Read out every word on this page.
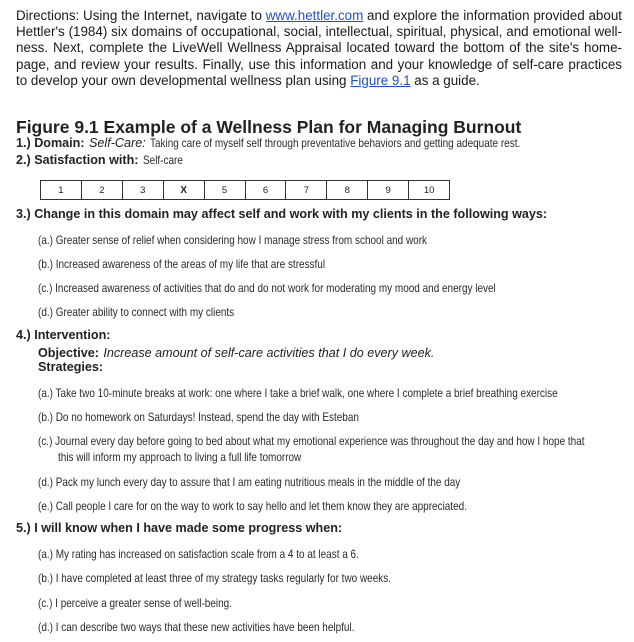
Directions: Using the Internet, navigate to www.hettler.com and explore the information provided about Hettler's (1984) six domains of occupational, social, intellectual, spiritual, physical, and emotional well- ness. Next, complete the LiveWell Wellness Appraisal located toward the bottom of the site's home- page, and review your results. Finally, use this information and your knowledge of self-care practices to develop your own developmental wellness plan using Figure 9.1 as a guide.
Figure 9.1 Example of a Wellness Plan for Managing Burnout
1.) Domain: Self-Care: Taking care of myself self through preventative behaviors and getting adequate rest.
2.) Satisfaction with: Self-care
1	2	3	X	5	6	7	8	9	10
3.) Change in this domain may affect self and work with my clients in the following ways:
(a.) Greater sense of relief when considering how I manage stress from school and work
(b.) Increased awareness of the areas of my life that are stressful
(c.) Increased awareness of activities that do and do not work for moderating my mood and energy level
(d.) Greater ability to connect with my clients
4.) Intervention:
Objective: Increase amount of self-care activities that I do every week.
Strategies:
(a.) Take two 10-minute breaks at work: one where I take a brief walk, one where I complete a brief breathing exercise
(b.) Do no homework on Saturdays! Instead, spend the day with Esteban
(c.) Journal every day before going to bed about what my emotional experience was throughout the day and how I hope that
this will inform my approach to living a full life tomorrow
(d.) Pack my lunch every day to assure that I am eating nutritious meals in the middle of the day
(e.) Call people I care for on the way to work to say hello and let them know they are appreciated.
5.) I will know when I have made some progress when:
(a.) My rating has increased on satisfaction scale from a 4 to at least a 6.
(b.) I have completed at least three of my strategy tasks regularly for two weeks.
(c.) I perceive a greater sense of well-being.
(d.) I can describe two ways that these new activities have been helpful.
